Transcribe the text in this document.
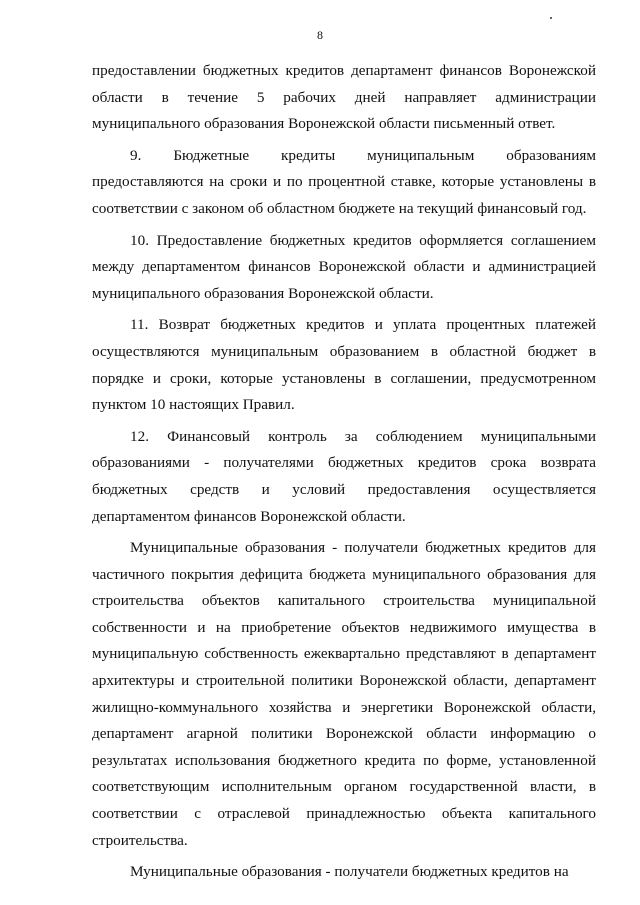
8

предоставлении бюджетных кредитов департамент финансов Воронежской области в течение 5 рабочих дней направляет администрации муниципального образования Воронежской области письменный ответ.

9. Бюджетные кредиты муниципальным образованиям предоставляются на сроки и по процентной ставке, которые установлены в соответствии с законом об областном бюджете на текущий финансовый год.

10. Предоставление бюджетных кредитов оформляется соглашением между департаментом финансов Воронежской области и администрацией муниципального образования Воронежской области.

11. Возврат бюджетных кредитов и уплата процентных платежей осуществляются муниципальным образованием в областной бюджет в порядке и сроки, которые установлены в соглашении, предусмотренном пунктом 10 настоящих Правил.

12. Финансовый контроль за соблюдением муниципальными образованиями - получателями бюджетных кредитов срока возврата бюджетных средств и условий предоставления осуществляется департаментом финансов Воронежской области.

Муниципальные образования - получатели бюджетных кредитов для частичного покрытия дефицита бюджета муниципального образования для строительства объектов капитального строительства муниципальной собственности и на приобретение объектов недвижимого имущества в муниципальную собственность ежеквартально представляют в департамент архитектуры и строительной политики Воронежской области, департамент жилищно-коммунального хозяйства и энергетики Воронежской области, департамент агарной политики Воронежской области информацию о результатах использования бюджетного кредита по форме, установленной соответствующим исполнительным органом государственной власти, в соответствии с отраслевой принадлежностью объекта капитального строительства.

Муниципальные образования - получатели бюджетных кредитов на
